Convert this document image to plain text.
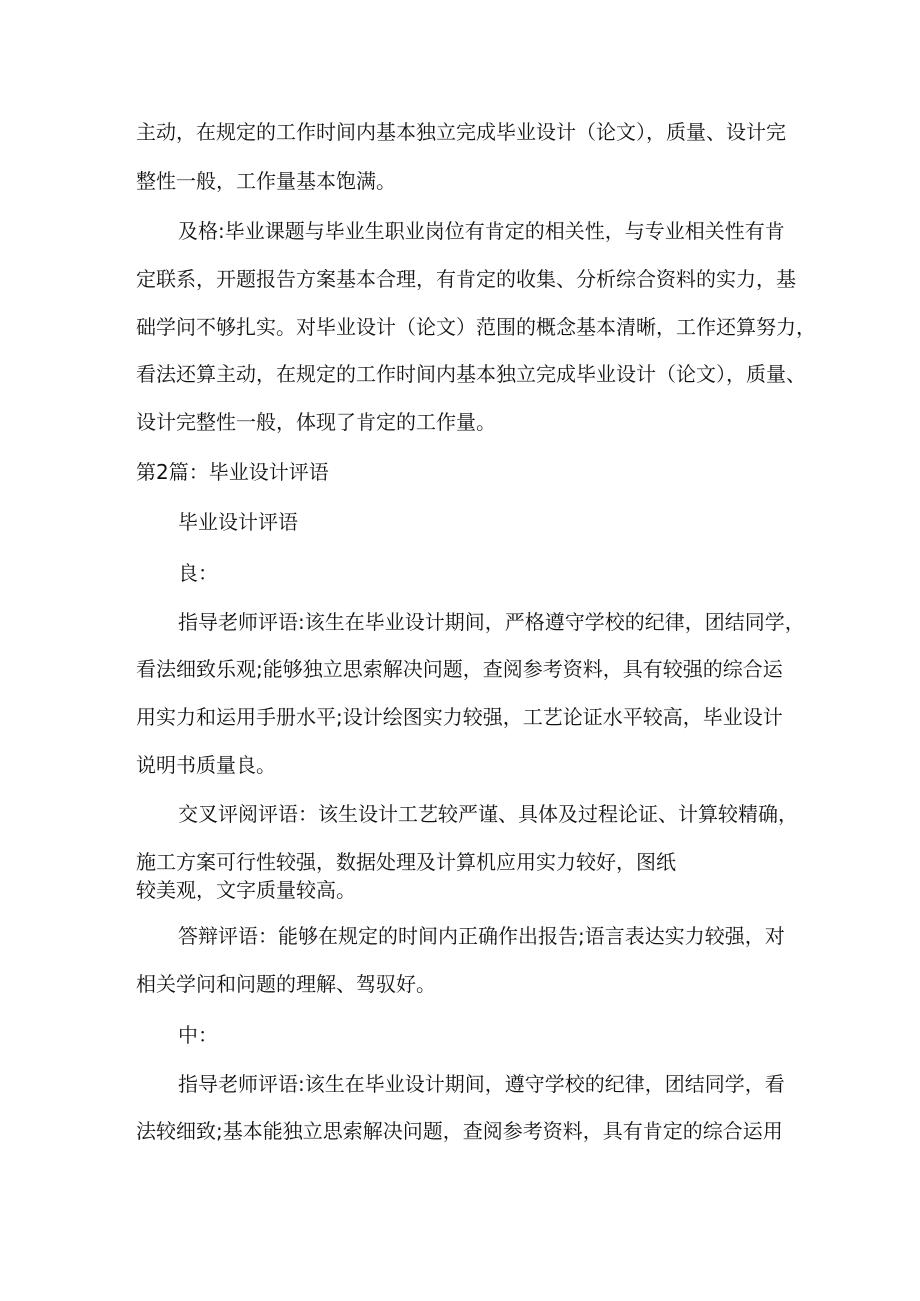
主动，在规定的工作时间内基本独立完成毕业设计（论文），质量、设计完
整性一般，工作量基本饱满。
及格:毕业课题与毕业生职业岗位有肯定的相关性，与专业相关性有肯
定联系，开题报告方案基本合理，有肯定的收集、分析综合资料的实力，基
础学问不够扎实。对毕业设计（论文）范围的概念基本清晰，工作还算努力，
看法还算主动，在规定的工作时间内基本独立完成毕业设计（论文），质量、
设计完整性一般，体现了肯定的工作量。
第2篇：毕业设计评语
毕业设计评语
良：
指导老师评语:该生在毕业设计期间，严格遵守学校的纪律，团结同学，
看法细致乐观;能够独立思索解决问题，查阅参考资料，具有较强的综合运
用实力和运用手册水平;设计绘图实力较强，工艺论证水平较高，毕业设计
说明书质量良。
交叉评阅评语：该生设计工艺较严谨、具体及过程论证、计算较精确，
施工方案可行性较强，数据处理及计算机应用实力较好，图纸
较美观，文字质量较高。
答辩评语：能够在规定的时间内正确作出报告;语言表达实力较强，对
相关学问和问题的理解、驾驭好。
中：
指导老师评语:该生在毕业设计期间，遵守学校的纪律，团结同学，看
法较细致;基本能独立思索解决问题，查阅参考资料，具有肯定的综合运用
